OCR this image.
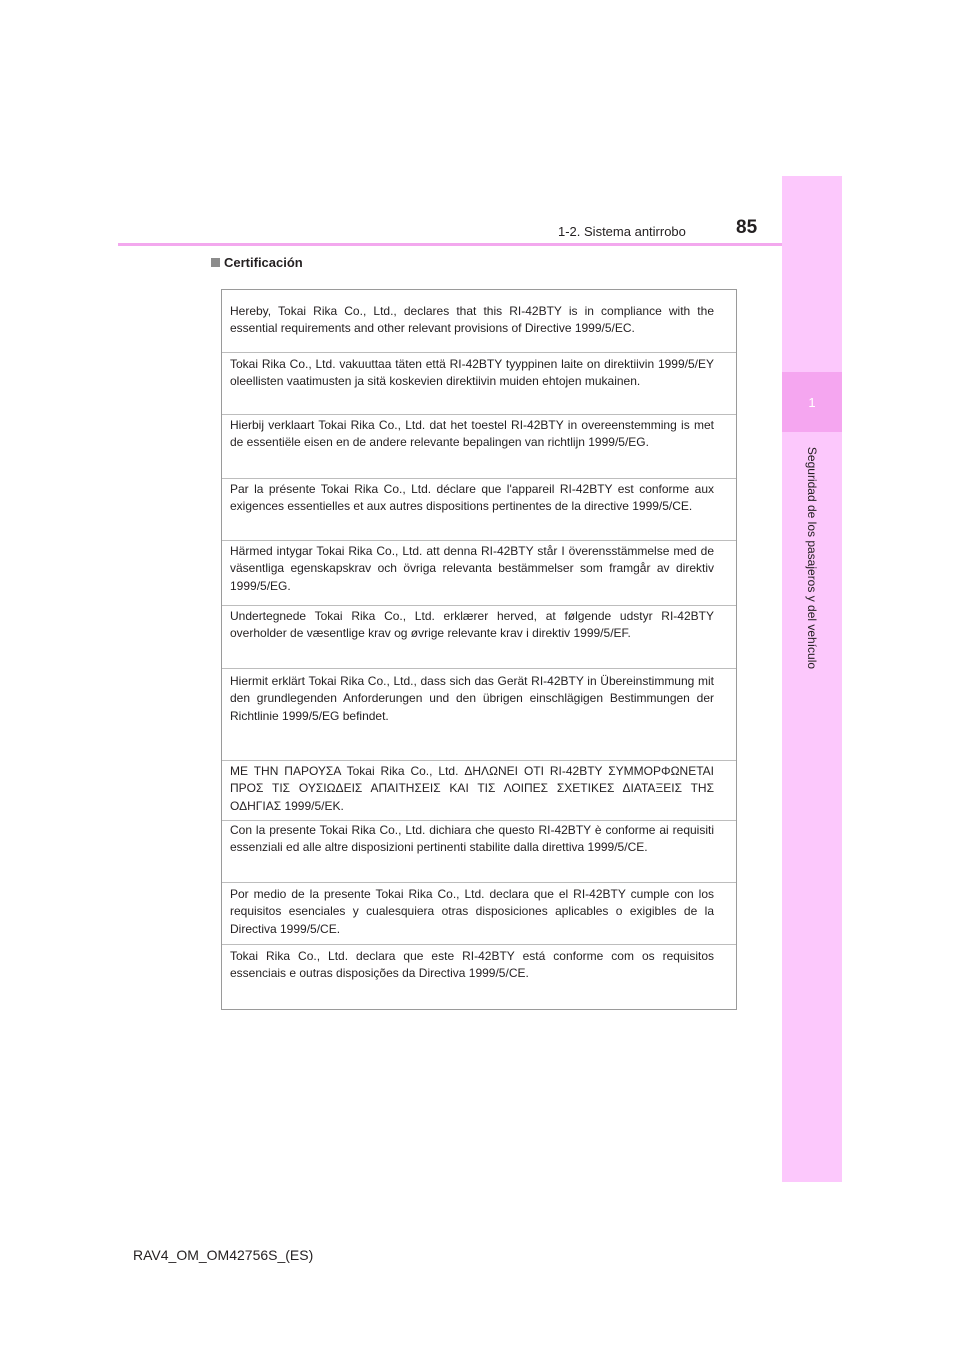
1
Seguridad de los pasajeros y del vehículo
1-2. Sistema antirrobo	85
Certificación
Hereby, Tokai Rika Co., Ltd., declares that this RI-42BTY is in compliance with the essential requirements and other relevant provisions of Directive 1999/5/EC.
Tokai Rika Co., Ltd. vakuuttaa täten että RI-42BTY tyyppinen laite on direktiivin 1999/5/EY oleellisten vaatimusten ja sitä koskevien direktiivin muiden ehtojen mukainen.
Hierbij verklaart Tokai Rika Co., Ltd. dat het toestel RI-42BTY in overeenstemming is met de essentiële eisen en de andere relevante bepalingen van richtlijn 1999/5/EG.
Par la présente Tokai Rika Co., Ltd. déclare que l'appareil RI-42BTY est conforme aux exigences essentielles et aux autres dispositions pertinentes de la directive 1999/5/CE.
Härmed intygar Tokai Rika Co., Ltd. att denna RI-42BTY står I överensstämmelse med de väsentliga egenskapskrav och övriga relevanta bestämmelser som framgår av direktiv 1999/5/EG.
Undertegnede Tokai Rika Co., Ltd. erklærer herved, at følgende udstyr RI-42BTY overholder de væsentlige krav og øvrige relevante krav i direktiv 1999/5/EF.
Hiermit erklärt Tokai Rika Co., Ltd., dass sich das Gerät RI-42BTY in Übereinstimmung mit den grundlegenden Anforderungen und den übrigen einschlägigen Bestimmungen der Richtlinie 1999/5/EG befindet.
ΜΕ ΤΗΝ ΠΑΡΟΥΣΑ Tokai Rika Co., Ltd. ΔΗΛΩΝΕΙ ΟΤΙ RI-42BTY ΣΥΜΜΟΡΦΩΝΕΤΑΙ ΠΡΟΣ ΤΙΣ ΟΥΣΙΩΔΕΙΣ ΑΠΑΙΤΗΣΕΙΣ ΚΑΙ ΤΙΣ ΛΟΙΠΕΣ ΣΧΕΤΙΚΕΣ ΔΙΑΤΑΞΕΙΣ ΤΗΣ ΟΔΗΓΙΑΣ 1999/5/ΕΚ.
Con la presente Tokai Rika Co., Ltd. dichiara che questo RI-42BTY è conforme ai requisiti essenziali ed alle altre disposizioni pertinenti stabilite dalla direttiva 1999/5/CE.
Por medio de la presente Tokai Rika Co., Ltd. declara que el RI-42BTY cumple con los requisitos esenciales y cualesquiera otras disposiciones aplicables o exigibles de la Directiva 1999/5/CE.
Tokai Rika Co., Ltd. declara que este RI-42BTY está conforme com os requisitos essenciais e outras disposições da Directiva 1999/5/CE.
RAV4_OM_OM42756S_(ES)
